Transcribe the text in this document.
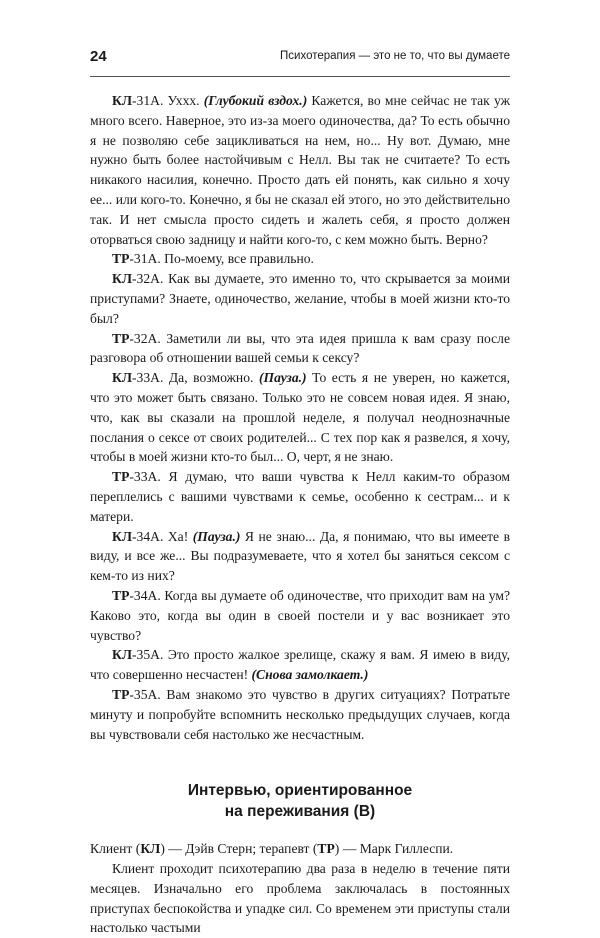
24	Психотерапия — это не то, что вы думаете

КЛ-31А. Уххх. (Глубокий вздох.) Кажется, во мне сейчас не так уж много всего. Наверное, это из-за моего одиночества, да? То есть обычно я не позволяю себе зацикливаться на нем, но... Ну вот. Думаю, мне нужно быть более настойчивым с Нелл. Вы так не считаете? То есть никакого насилия, конечно. Просто дать ей понять, как сильно я хочу ее... или кого-то. Конечно, я бы не сказал ей этого, но это действительно так. И нет смысла просто сидеть и жалеть себя, я просто должен оторваться свою задницу и найти кого-то, с кем можно быть. Верно?

ТР-31А. По-моему, все правильно.

КЛ-32А. Как вы думаете, это именно то, что скрывается за моими приступами? Знаете, одиночество, желание, чтобы в моей жизни кто-то был?

ТР-32А. Заметили ли вы, что эта идея пришла к вам сразу после разговора об отношении вашей семьи к сексу?

КЛ-33А. Да, возможно. (Пауза.) То есть я не уверен, но кажется, что это может быть связано. Только это не совсем новая идея. Я знаю, что, как вы сказали на прошлой неделе, я получал неоднозначные послания о сексе от своих родителей... С тех пор как я развелся, я хочу, чтобы в моей жизни кто-то был... О, черт, я не знаю.

ТР-33А. Я думаю, что ваши чувства к Нелл каким-то образом переплелись с вашими чувствами к семье, особенно к сестрам... и к матери.

КЛ-34А. Ха! (Пауза.) Я не знаю... Да, я понимаю, что вы имеете в виду, и все же... Вы подразумеваете, что я хотел бы заняться сексом с кем-то из них?

ТР-34А. Когда вы думаете об одиночестве, что приходит вам на ум? Каково это, когда вы один в своей постели и у вас возникает это чувство?

КЛ-35А. Это просто жалкое зрелище, скажу я вам. Я имею в виду, что совершенно несчастен! (Снова замолкает.)

ТР-35А. Вам знакомо это чувство в других ситуациях? Потратьте минуту и попробуйте вспомнить несколько предыдущих случаев, когда вы чувствовали себя настолько же несчастным.

Интервью, ориентированное
на переживания (В)

Клиент (КЛ) — Дэйв Стерн; терапевт (ТР) — Марк Гиллеспи.

Клиент проходит психотерапию два раза в неделю в течение пяти месяцев. Изначально его проблема заключалась в постоянных приступах беспокойства и упадке сил. Со временем эти приступы стали настолько частыми
